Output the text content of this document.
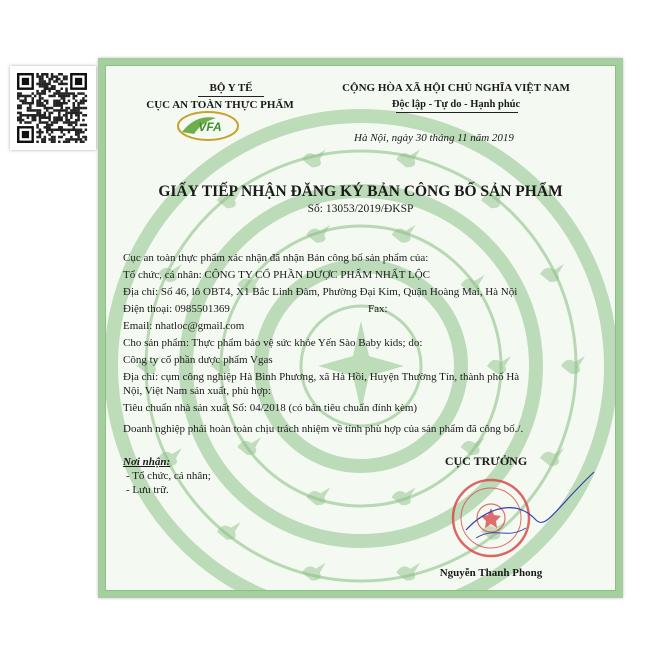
BỘ Y TẾ
CỤC AN TOÀN THỰC PHẨM
VFA
CỘNG HÒA XÃ HỘI CHỦ NGHĨA VIỆT NAM
Độc lập - Tự do - Hạnh phúc
Hà Nội, ngày 30 tháng 11 năm 2019
GIẤY TIẾP NHẬN ĐĂNG KÝ BẢN CÔNG BỐ SẢN PHẨM
Số: 13053/2019/ĐKSP
Cục an toàn thực phẩm xác nhận đã nhận Bản công bố sản phẩm của:
Tổ chức, cá nhân: CÔNG TY CỔ PHẦN DƯỢC PHẨM NHẤT LỘC
Địa chỉ: Số 46, lô OBT4, X1 Bắc Linh Đàm, Phường Đại Kim, Quận Hoàng Mai, Hà Nội
Điện thoại: 0985501369	Fax:
Email: nhatloc@gmail.com
Cho sản phẩm: Thực phẩm bảo vệ sức khỏe Yến Sào Baby kids; do:
Công ty cổ phần dược phẩm Vgas
Địa chỉ: cụm công nghiệp Hà Bình Phương, xã Hà Hồi, Huyện Thường Tín, thành phố Hà
Nội, Việt Nam sản xuất, phù hợp:
Tiêu chuẩn nhà sản xuất Số: 04/2018 (có bản tiêu chuẩn đính kèm)
Doanh nghiệp phải hoàn toàn chịu trách nhiệm về tính phù hợp của sản phẩm đã công bố./.
Nơi nhận:
- Tổ chức, cá nhân;
- Lưu trữ.
CỤC TRƯỞNG
Nguyễn Thanh Phong
